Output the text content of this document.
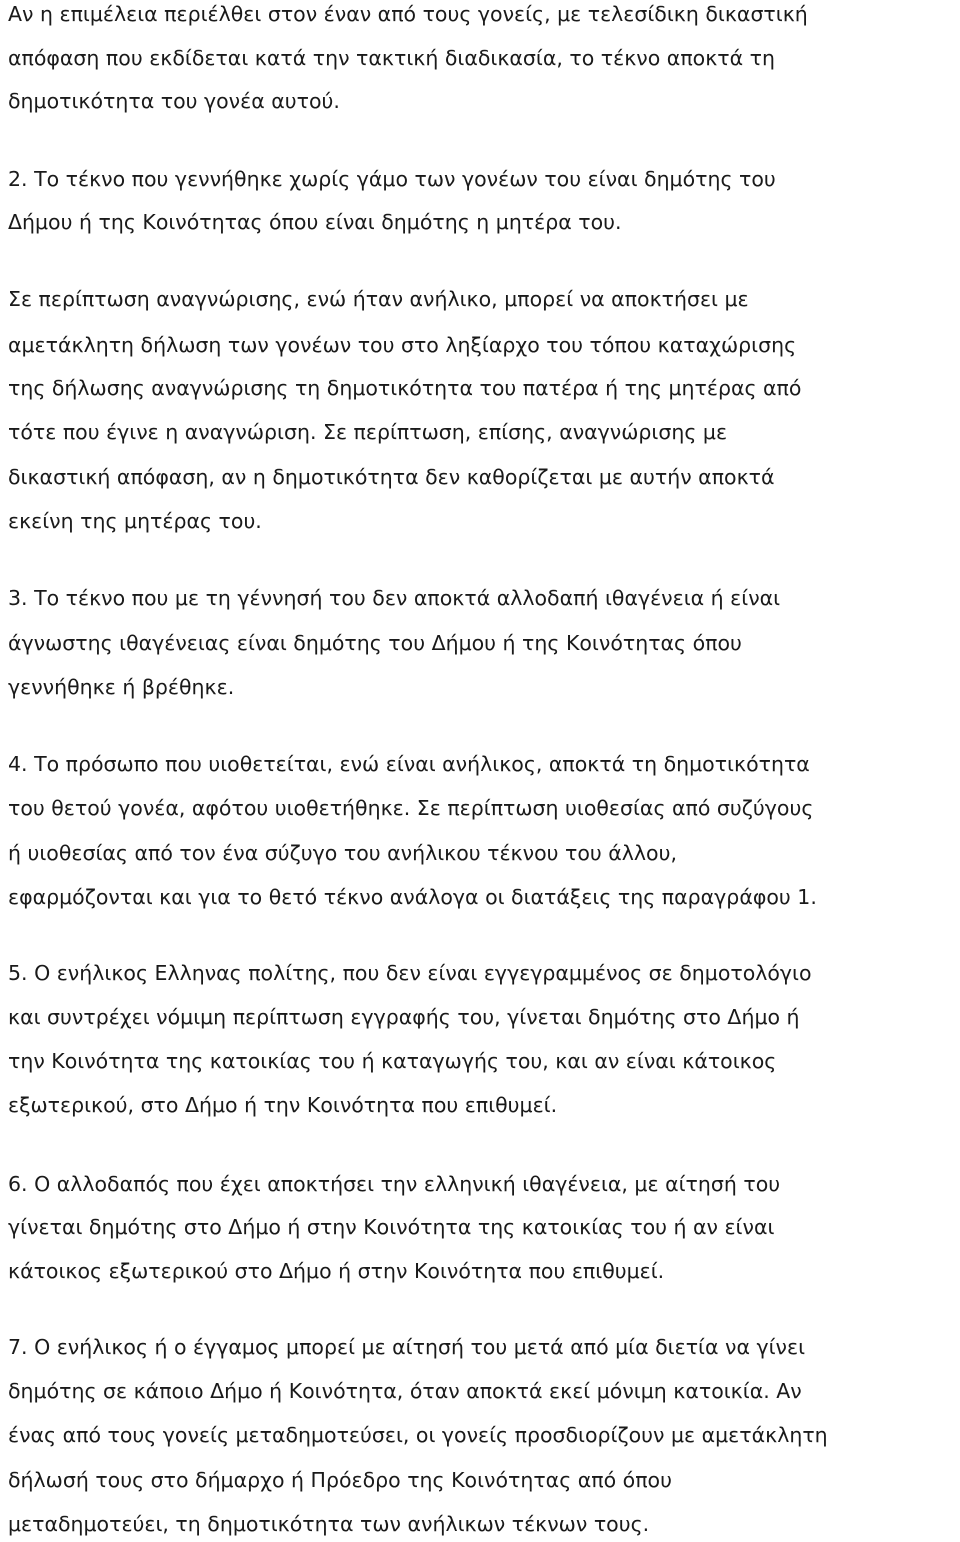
Αν η επιμέλεια περιέλθει στον έναν από τους γονείς, με τελεσίδικη δικαστική
απόφαση που εκδίδεται κατά την τακτική διαδικασία, το τέκνο αποκτά τη
δημοτικότητα του γονέα αυτού.
2. Το τέκνο που γεννήθηκε χωρίς γάμο των γονέων του είναι δημότης του
Δήμου ή της Κοινότητας όπου είναι δημότης η μητέρα του.
Σε περίπτωση αναγνώρισης, ενώ ήταν ανήλικο, μπορεί να αποκτήσει με
αμετάκλητη δήλωση των γονέων του στο ληξίαρχο του τόπου καταχώρισης
της δήλωσης αναγνώρισης τη δημοτικότητα του πατέρα ή της μητέρας από
τότε που έγινε η αναγνώριση. Σε περίπτωση, επίσης, αναγνώρισης με
δικαστική απόφαση, αν η δημοτικότητα δεν καθορίζεται με αυτήν αποκτά
εκείνη της μητέρας του.
3. Το τέκνο που με τη γέννησή του δεν αποκτά αλλοδαπή ιθαγένεια ή είναι
άγνωστης ιθαγένειας είναι δημότης του Δήμου ή της Κοινότητας όπου
γεννήθηκε ή βρέθηκε.
4. Το πρόσωπο που υιοθετείται, ενώ είναι ανήλικος, αποκτά τη δημοτικότητα
του θετού γονέα, αφότου υιοθετήθηκε. Σε περίπτωση υιοθεσίας από συζύγους
ή υιοθεσίας από τον ένα σύζυγο του ανήλικου τέκνου του άλλου,
εφαρμόζονται και για το θετό τέκνο ανάλογα οι διατάξεις της παραγράφου 1.
5. Ο ενήλικος Ελληνας πολίτης, που δεν είναι εγγεγραμμένος σε δημοτολόγιο
και συντρέχει νόμιμη περίπτωση εγγραφής του, γίνεται δημότης στο Δήμο ή
την Κοινότητα της κατοικίας του ή καταγωγής του, και αν είναι κάτοικος
εξωτερικού, στο Δήμο ή την Κοινότητα που επιθυμεί.
6. Ο αλλοδαπός που έχει αποκτήσει την ελληνική ιθαγένεια, με αίτησή του
γίνεται δημότης στο Δήμο ή στην Κοινότητα της κατοικίας του ή αν είναι
κάτοικος εξωτερικού στο Δήμο ή στην Κοινότητα που επιθυμεί.
7. Ο ενήλικος ή ο έγγαμος μπορεί με αίτησή του μετά από μία διετία να γίνει
δημότης σε κάποιο Δήμο ή Κοινότητα, όταν αποκτά εκεί μόνιμη κατοικία. Αν
ένας από τους γονείς μεταδημοτεύσει, οι γονείς προσδιορίζουν με αμετάκλητη
δήλωσή τους στο δήμαρχο ή Πρόεδρο της Κοινότητας από όπου
μεταδημοτεύει, τη δημοτικότητα των ανήλικων τέκνων τους.
